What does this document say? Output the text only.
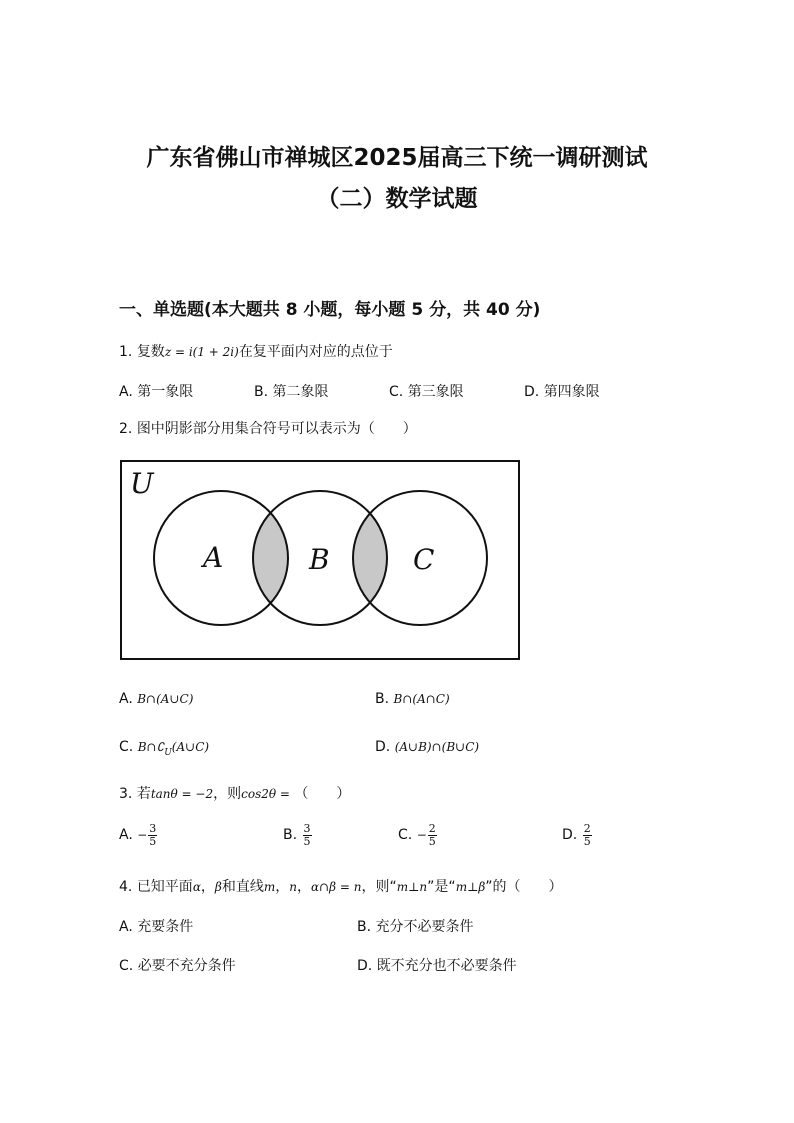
广东省佛山市禅城区2025届高三下统一调研测试
（二）数学试题
一、单选题(本大题共 8 小题，每小题 5 分，共 40 分)
1. 复数z = i(1 + 2i)在复平面内对应的点位于
A. 第一象限	B. 第二象限	C. 第三象限	D. 第四象限
2. 图中阴影部分用集合符号可以表示为（　　）
U
A	B	C
A. B∩(A∪C)	B. B∩(A∩C)
C. $B\cap∁_U(A\cup C)$	D. (A∪B)∩(B∪C)
3. 若tanθ = −2，则cos2θ = （　　）
A. − $\frac{3}{5}$	B. $\frac{3}{5}$	C. − $\frac{2}{5}$	D. $\frac{2}{5}$
4. 已知平面α，β和直线m，n，α∩β = n，则“m⊥n”是“m⊥β”的（　　）
A. 充要条件	B. 充分不必要条件
C. 必要不充分条件	D. 既不充分也不必要条件
